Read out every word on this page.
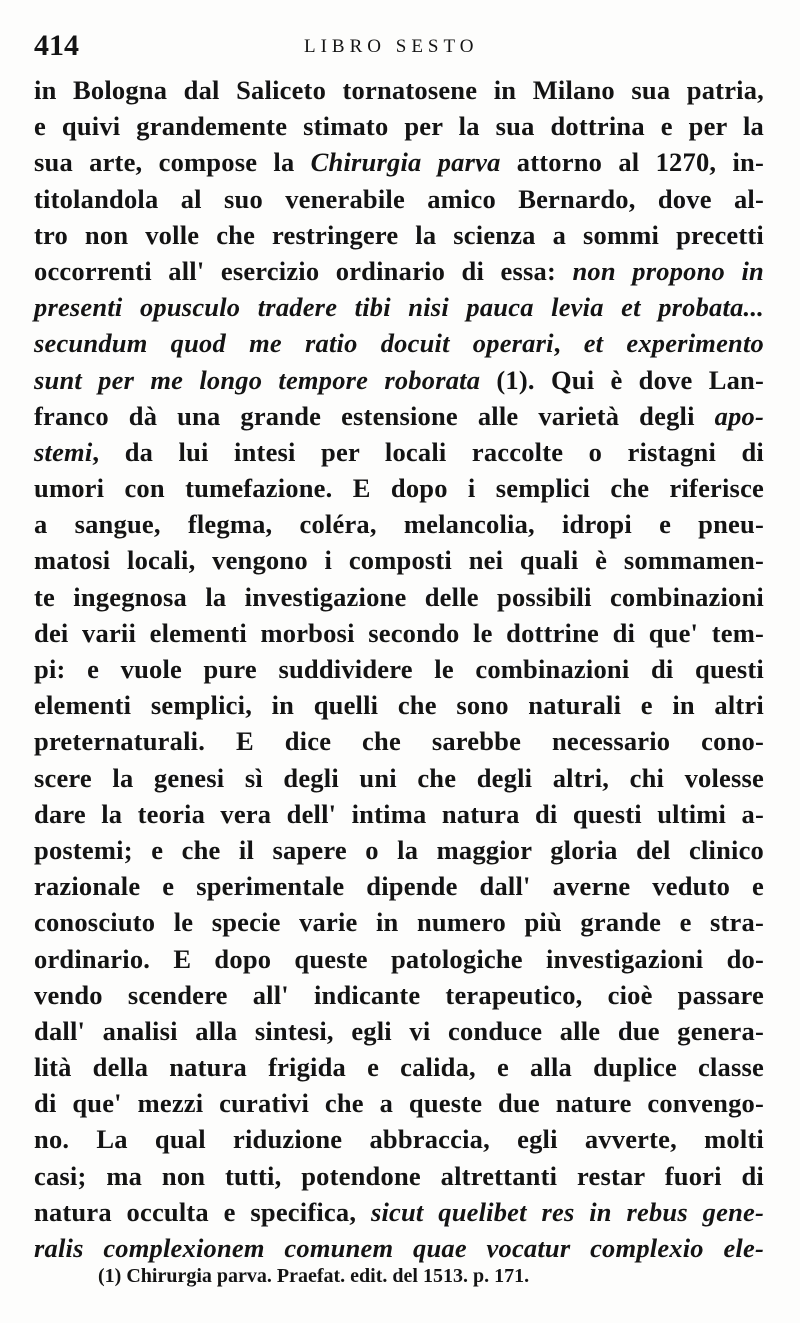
414	LIBRO SESTO
in Bologna dal Saliceto tornatosene in Milano sua patria,
e quivi grandemente stimato per la sua dottrina e per la
sua arte, compose la Chirurgia parva attorno al 1270, in-
titolandola al suo venerabile amico Bernardo, dove al-
tro non volle che restringere la scienza a sommi precetti
occorrenti all' esercizio ordinario di essa: non propono in
presenti opusculo tradere tibi nisi pauca levia et probata...
secundum quod me ratio docuit operari, et experimento
sunt per me longo tempore roborata (1). Qui è dove Lan-
franco dà una grande estensione alle varietà degli apo-
stemi, da lui intesi per locali raccolte o ristagni di
umori con tumefazione. E dopo i semplici che riferisce
a sangue, flegma, coléra, melancolia, idropi e pneu-
matosi locali, vengono i composti nei quali è sommamen-
te ingegnosa la investigazione delle possibili combinazioni
dei varii elementi morbosi secondo le dottrine di que' tem-
pi: e vuole pure suddividere le combinazioni di questi
elementi semplici, in quelli che sono naturali e in altri
preternaturali. E dice che sarebbe necessario cono-
scere la genesi sì degli uni che degli altri, chi volesse
dare la teoria vera dell' intima natura di questi ultimi a-
postemi; e che il sapere o la maggior gloria del clinico
razionale e sperimentale dipende dall' averne veduto e
conosciuto le specie varie in numero più grande e stra-
ordinario. E dopo queste patologiche investigazioni do-
vendo scendere all' indicante terapeutico, cioè passare
dall' analisi alla sintesi, egli vi conduce alle due genera-
lità della natura frigida e calida, e alla duplice classe
di que' mezzi curativi che a queste due nature convengo-
no. La qual riduzione abbraccia, egli avverte, molti
casi; ma non tutti, potendone altrettanti restar fuori di
natura occulta e specifica, sicut quelibet res in rebus gene-
ralis complexionem comunem quae vocatur complexio ele-
(1) Chirurgia parva. Praefat. edit. del 1513. p. 171.
